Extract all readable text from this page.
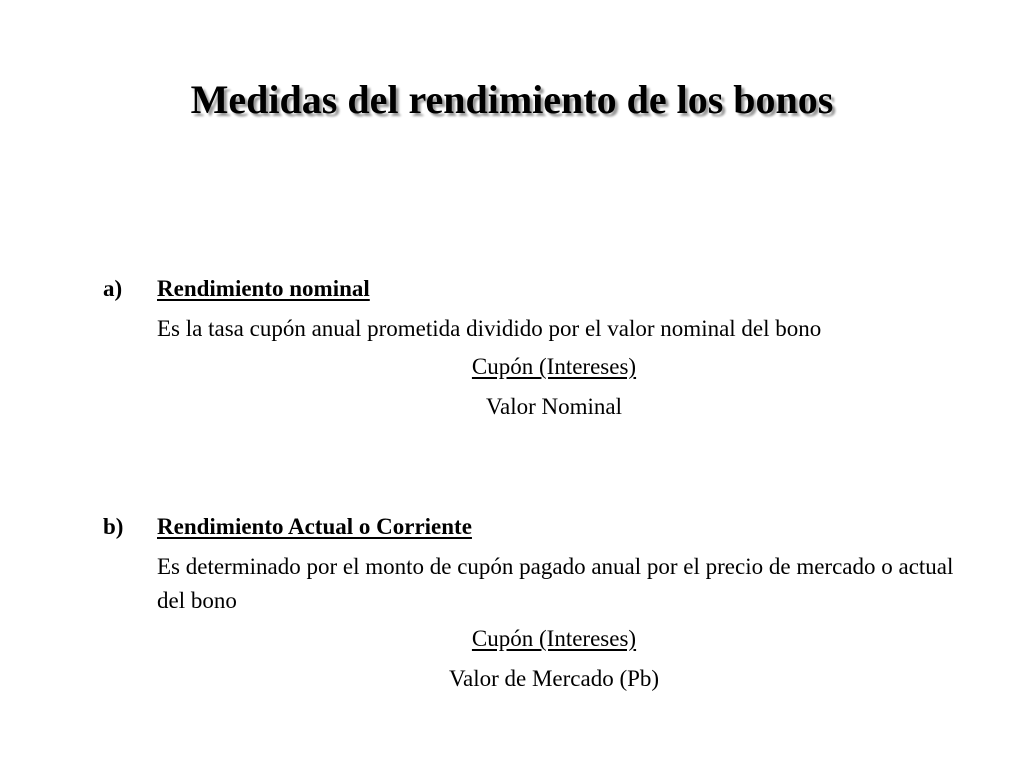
Medidas del rendimiento de los bonos
a) Rendimiento nominal
Es la tasa cupón anual prometida dividido por el valor nominal del bono
Cupón (Intereses)
Valor Nominal
b) Rendimiento Actual o Corriente
Es determinado por el monto de cupón pagado anual por el precio de mercado o actual del bono
Cupón (Intereses)
Valor de Mercado (Pb)
